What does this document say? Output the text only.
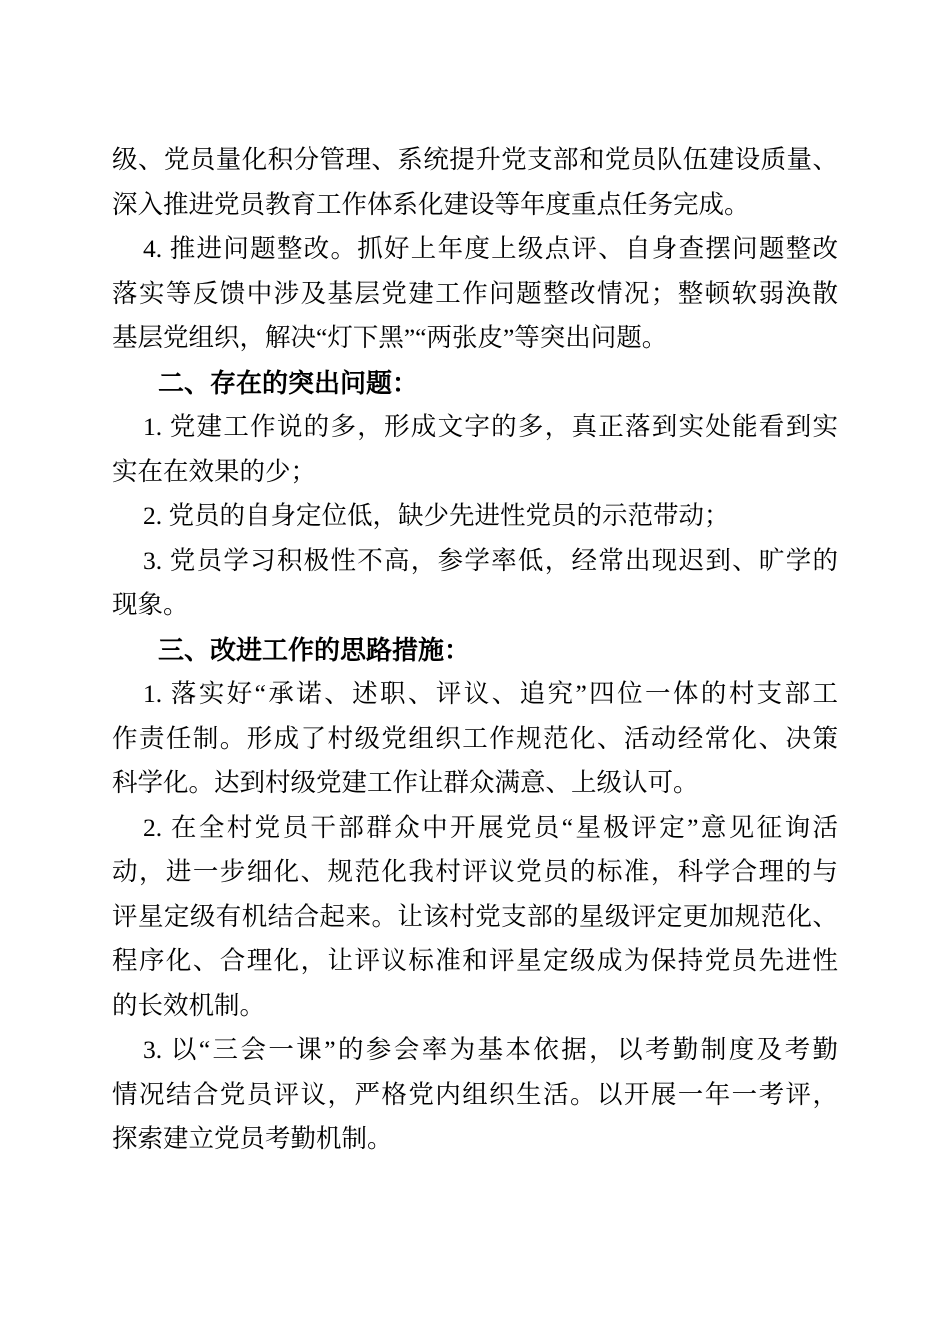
级、党员量化积分管理、系统提升党支部和党员队伍建设质量、
深入推进党员教育工作体系化建设等年度重点任务完成。
4. 推进问题整改。抓好上年度上级点评、自身查摆问题整改
落实等反馈中涉及基层党建工作问题整改情况；整顿软弱涣散
基层党组织，解决“灯下黑”“两张皮”等突出问题。
二、存在的突出问题：
1. 党建工作说的多，形成文字的多，真正落到实处能看到实
实在在效果的少；
2. 党员的自身定位低，缺少先进性党员的示范带动；
3. 党员学习积极性不高，参学率低，经常出现迟到、旷学的
现象。
三、改进工作的思路措施：
1. 落实好“承诺、述职、评议、追究”四位一体的村支部工
作责任制。形成了村级党组织工作规范化、活动经常化、决策
科学化。达到村级党建工作让群众满意、上级认可。
2. 在全村党员干部群众中开展党员“星极评定”意见征询活
动，进一步细化、规范化我村评议党员的标准，科学合理的与
评星定级有机结合起来。让该村党支部的星级评定更加规范化、
程序化、合理化，让评议标准和评星定级成为保持党员先进性
的长效机制。
3. 以“三会一课”的参会率为基本依据，以考勤制度及考勤
情况结合党员评议，严格党内组织生活。以开展一年一考评，
探索建立党员考勤机制。
